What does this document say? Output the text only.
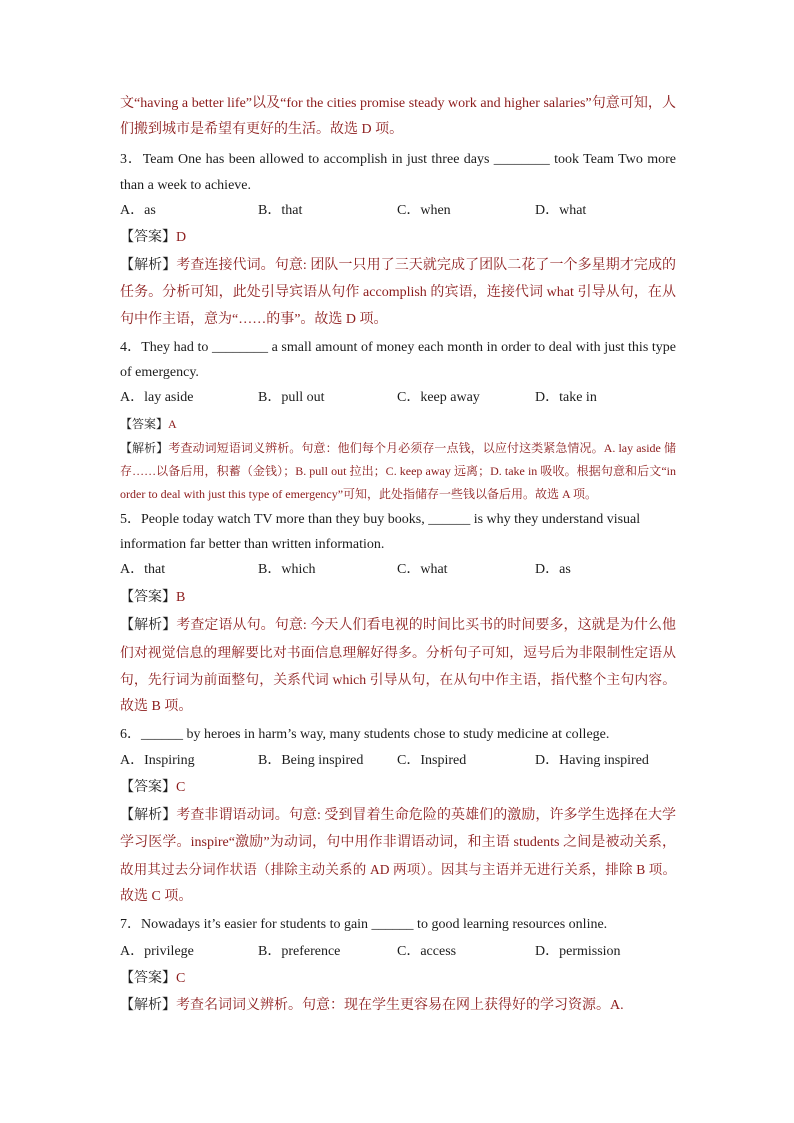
文“having a better life”以及“for the cities promise steady work and higher salaries”句意可知，人
们搬到城市是希望有更好的生活。故选 D 项。
3．Team One has been allowed to accomplish in just three days ________ took Team Two more
than a week to achieve.
A．as	B．that	C．when	D．what
【答案】D
【解析】考查连接代词。句意: 团队一只用了三天就完成了团队二花了一个多星期才完成的
任务。分析可知，此处引导宾语从句作 accomplish 的宾语，连接代词 what 引导从句，在从
句中作主语，意为“……的事”。故选 D 项。
4．They had to ________ a small amount of money each month in order to deal with just this type
of emergency.
A．lay aside	B．pull out	C．keep away	D．take in
【答案】A
【解析】考查动词短语词义辨析。句意：他们每个月必须存一点钱，以应付这类紧急情况。A. lay aside 储
存……以备后用，积蓄（金钱）；B. pull out 拉出；C. keep away 远离；D. take in 吸收。根据句意和后文“in
order to deal with just this type of emergency”可知，此处指储存一些钱以备后用。故选 A 项。
5．People today watch TV more than they buy books, ______ is why they understand visual
information far better than written information.
A．that	B．which	C．what	D．as
【答案】B
【解析】考查定语从句。句意: 今天人们看电视的时间比买书的时间要多，这就是为什么他
们对视觉信息的理解要比对书面信息理解好得多。分析句子可知，逗号后为非限制性定语从
句，先行词为前面整句，关系代词 which 引导从句，在从句中作主语，指代整个主句内容。
故选 B 项。
6．______ by heroes in harm’s way, many students chose to study medicine at college.
A．Inspiring	B．Being inspired C．Inspired	D．Having inspired
【答案】C
【解析】考查非谓语动词。句意: 受到冒着生命危险的英雄们的激励，许多学生选择在大学
学习医学。inspire“激励”为动词，句中用作非谓语动词，和主语 students 之间是被动关系，
故用其过去分词作状语（排除主动关系的 AD 两项）。因其与主语并无进行关系，排除 B 项。
故选 C 项。
7．Nowadays it’s easier for students to gain ______ to good learning resources online.
A．privilege	B．preference	C．access	D．permission
【答案】C
【解析】考查名词词义辨析。句意：现在学生更容易在网上获得好的学习资源。A.
